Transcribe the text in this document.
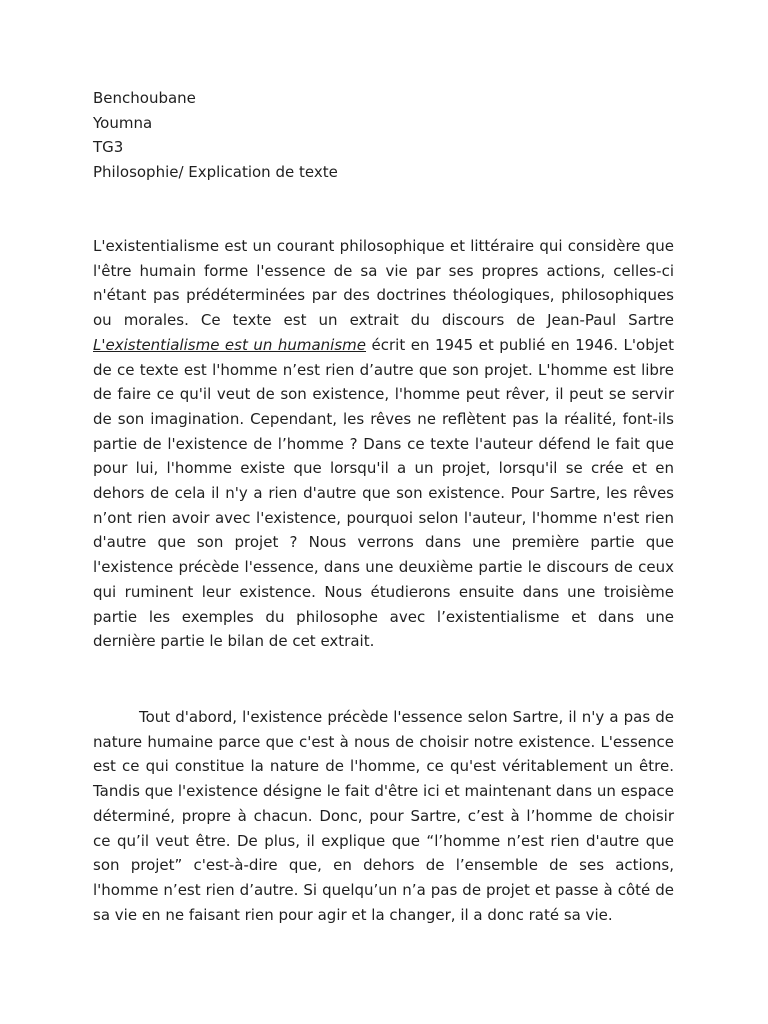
Benchoubane
Youmna
TG3
Philosophie/ Explication de texte

L'existentialisme est un courant philosophique et littéraire qui considère que l'être humain forme l'essence de sa vie par ses propres actions, celles-ci n'étant pas prédéterminées par des doctrines théologiques, philosophiques ou morales. Ce texte est un extrait du discours de Jean-Paul Sartre L'existentialisme est un humanisme écrit en 1945 et publié en 1946. L'objet de ce texte est l'homme n’est rien d’autre que son projet. L'homme est libre de faire ce qu'il veut de son existence, l'homme peut rêver, il peut se servir de son imagination. Cependant, les rêves ne reflètent pas la réalité, font-ils partie de l'existence de l’homme ? Dans ce texte l'auteur défend le fait que pour lui, l'homme existe que lorsqu'il a un projet, lorsqu'il se crée et en dehors de cela il n'y a rien d'autre que son existence. Pour Sartre, les rêves n’ont rien avoir avec l'existence, pourquoi selon l'auteur, l'homme n'est rien d'autre que son projet ? Nous verrons dans une première partie que l'existence précède l'essence, dans une deuxième partie le discours de ceux qui ruminent leur existence. Nous étudierons ensuite dans une troisième partie les exemples du philosophe avec l’existentialisme et dans une dernière partie le bilan de cet extrait.

Tout d'abord, l'existence précède l'essence selon Sartre, il n'y a pas de nature humaine parce que c'est à nous de choisir notre existence. L'essence est ce qui constitue la nature de l'homme, ce qu'est véritablement un être. Tandis que l'existence désigne le fait d'être ici et maintenant dans un espace déterminé, propre à chacun. Donc, pour Sartre, c’est à l’homme de choisir ce qu’il veut être. De plus, il explique que “l’homme n’est rien d'autre que son projet” c'est-à-dire que, en dehors de l’ensemble de ses actions, l'homme n’est rien d’autre. Si quelqu’un n’a pas de projet et passe à côté de sa vie en ne faisant rien pour agir et la changer, il a donc raté sa vie.
